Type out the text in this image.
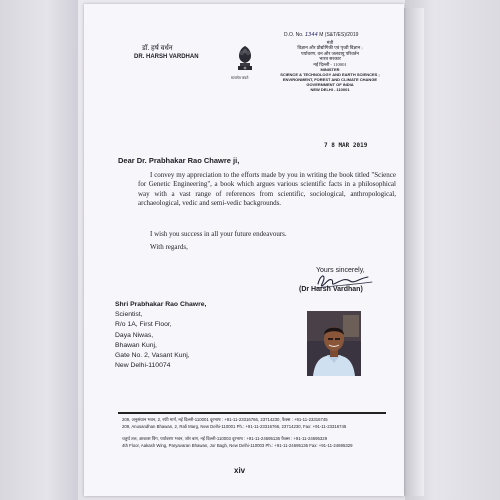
डॉ. हर्ष वर्धन
DR. HARSH VARDHAN
सत्यमेव जयते
D.O. No. 1344 M (S&T/ES)/2019
मंत्री
विज्ञान और प्रौद्योगिकी एवं पृथ्वी विज्ञान ;
पर्यावरण, वन और जलवायु परिवर्तन
भारत सरकार
नई दिल्ली - 110001
MINISTER
SCIENCE & TECHNOLOGY AND EARTH SCIENCES ;
ENVIRONMENT, FOREST AND CLIMATE CHANGE
GOVERNMENT OF INDIA
NEW DELHI - 110001
7 8 MAR 2019
Dear Dr. Prabhakar Rao Chawre ji,
I convey my appreciation to the efforts made by you in writing the book titled "Science for Genetic Engineering", a book which argues various scientific facts in a philosophical way with a vast range of references from scientific, sociological, anthropological, archaeological, vedic and semi-vedic backgrounds.
I wish you success in all your future endeavours.
With regards,
Yours sincerely,
(Dr Harsh Vardhan)
Shri Prabhakar Rao Chawre,
Scientist,
R/o 1A, First Floor,
Daya Niwas,
Bhawan Kunj,
Gate No. 2, Vasant Kunj,
New Delhi-110074
209, अनुसंधान भवन, 2, रफी मार्ग, नई दिल्ली-110001 दूरभाष : +91-11-23316766, 23714230, फैक्स : +91-11-23316745
209, Anusandhan Bhawan, 2, Rafi Marg, New Delhi-110001 Ph.: +91-11-23316766, 23714230, Fax: +91-11-23316745
चतुर्थ तल, आकाश विंग, पर्यावरण भवन, जोर बाग, नई दिल्ली-110003 दूरभाष : +91-11-24695136 फैक्स : +91-11-24695329
4th Floor, Aakash Wing, Paryavaran Bhawan, Jor Bagh, New Delhi-110003 Ph.: +91-11-24695136 Fax: +91-11-24695329
xiv
